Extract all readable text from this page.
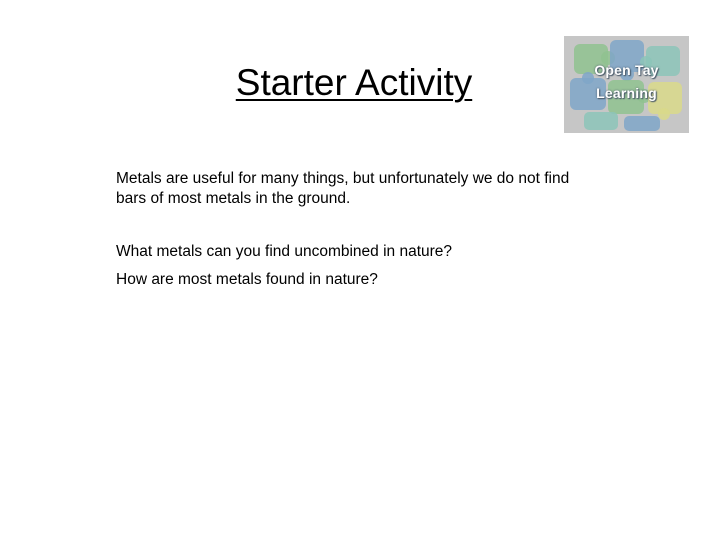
Starter Activity	Open Tay
Learning

Metals are useful for many things, but unfortunately we do not find bars of most metals in the ground.

What metals can you find uncombined in nature?

How are most metals found in nature?
